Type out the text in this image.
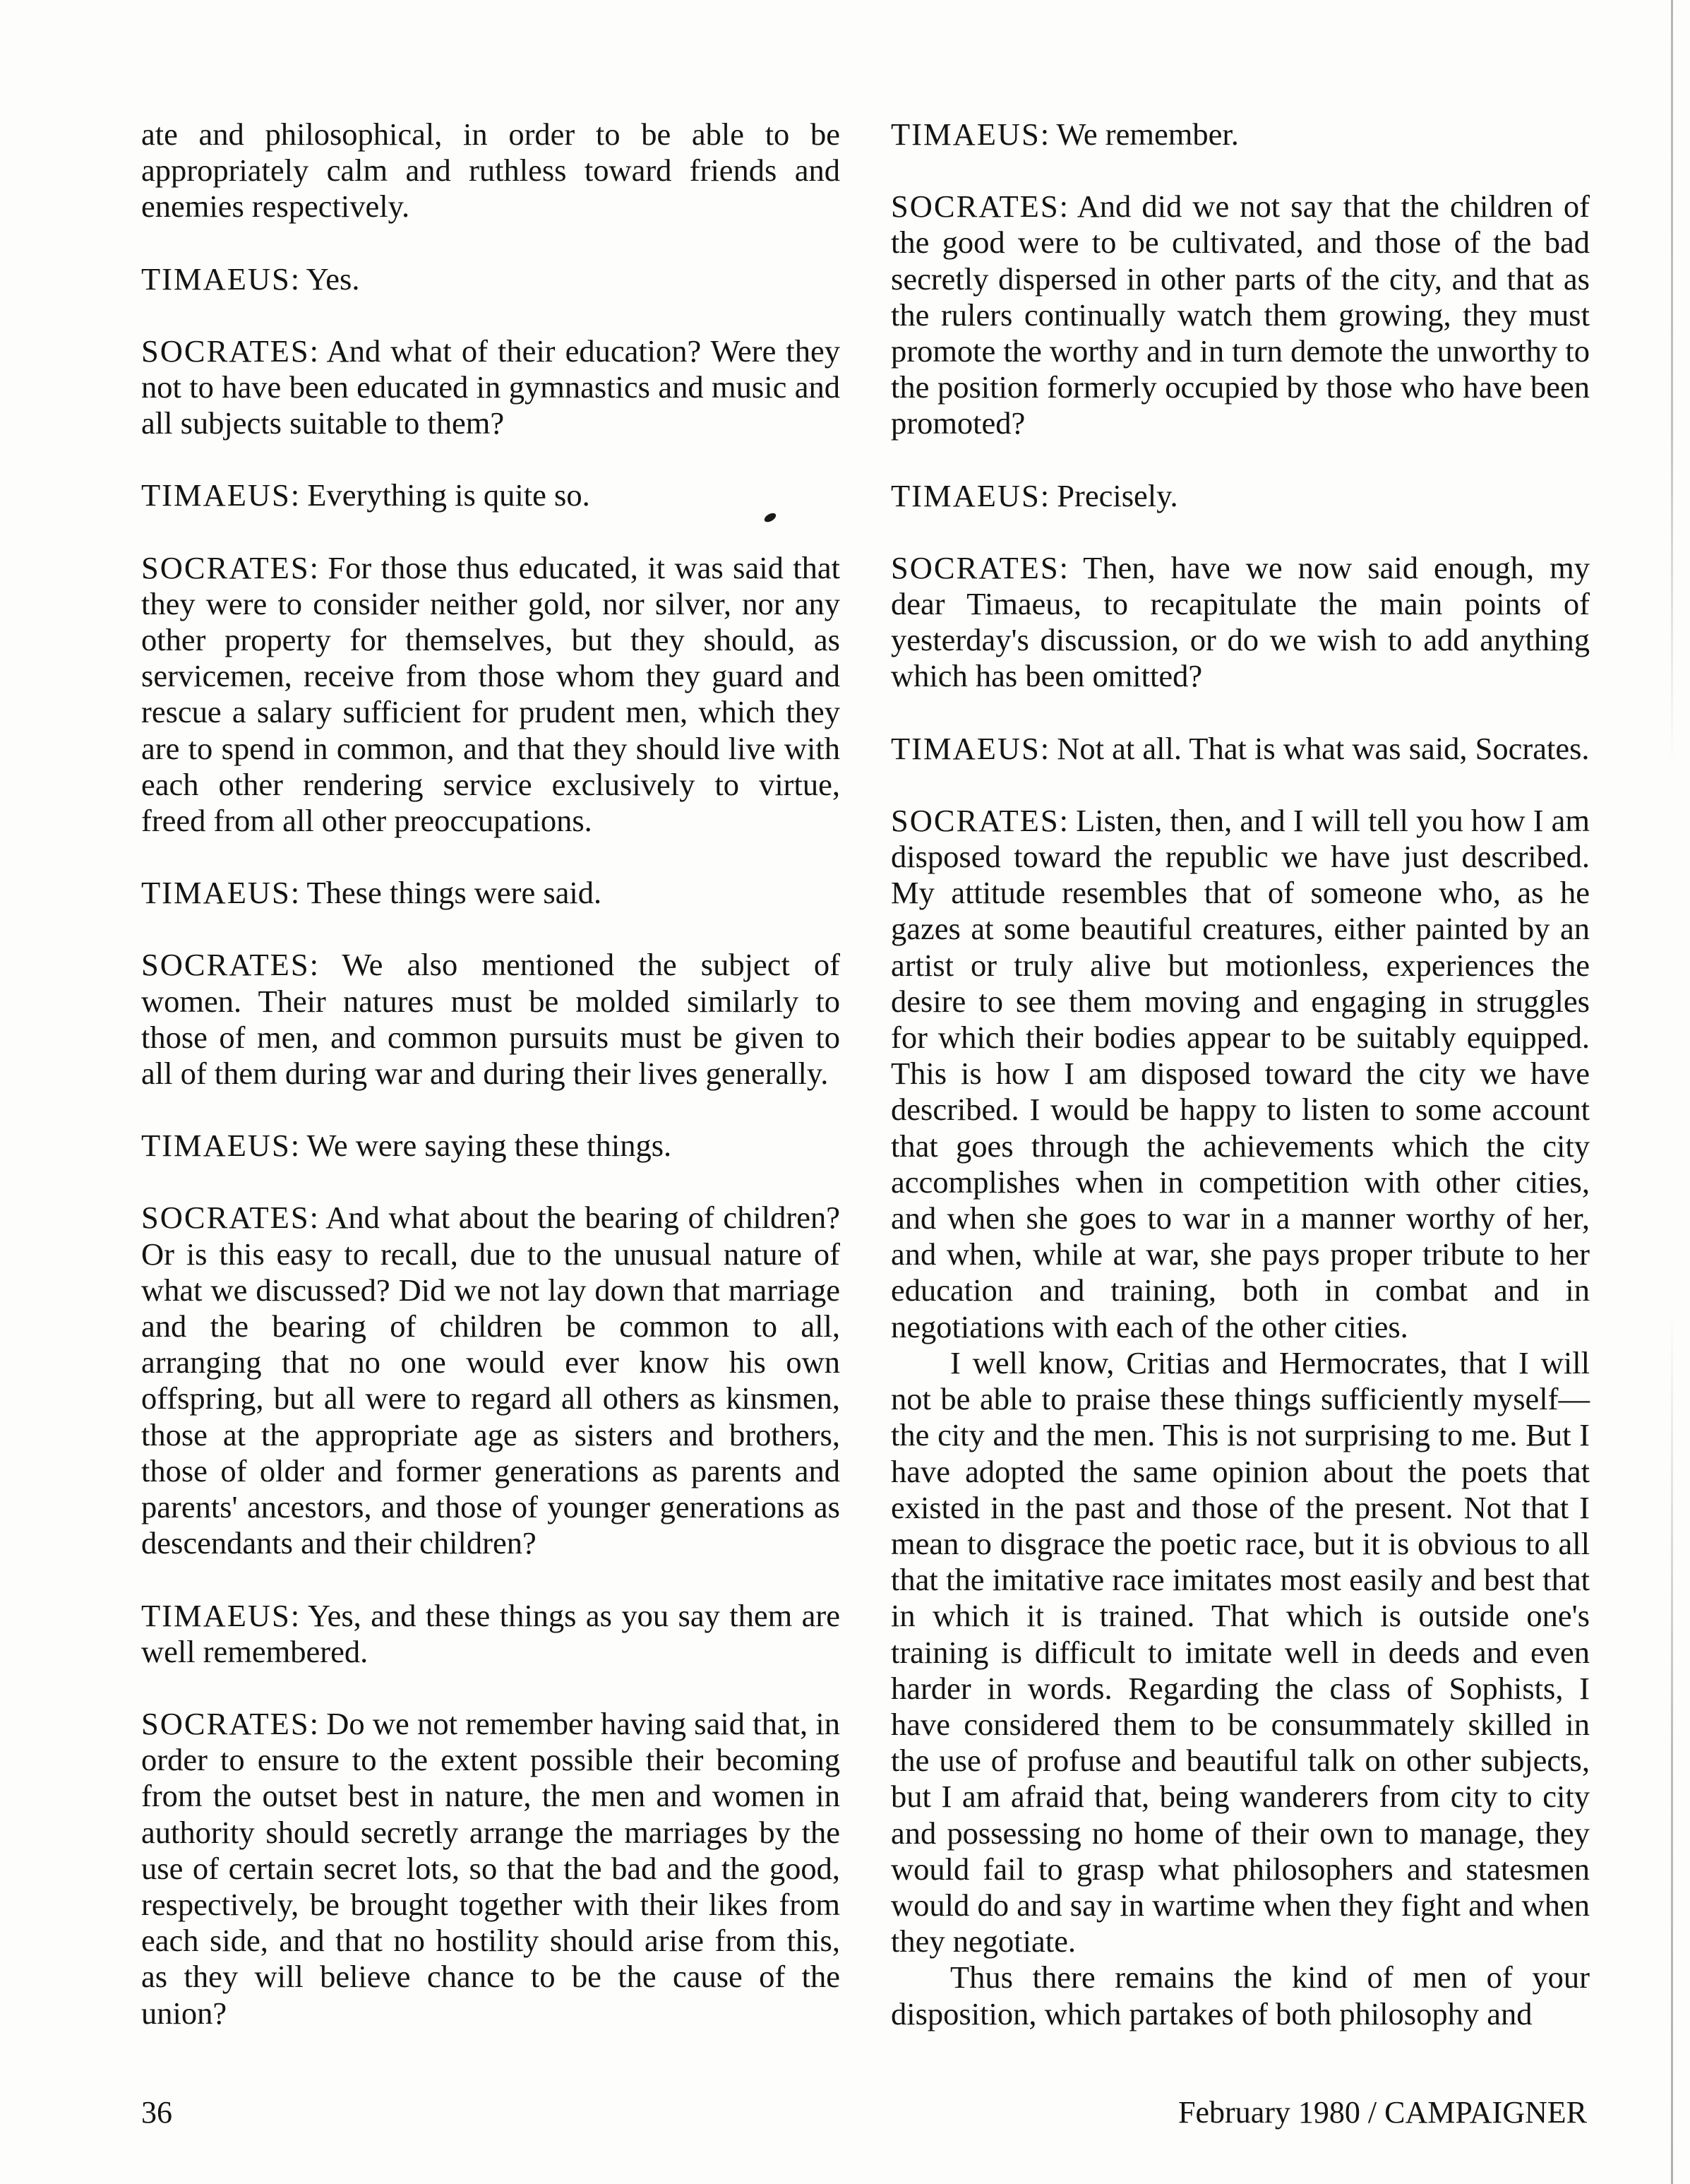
ate and philosophical, in order to be able to be appropriately calm and ruthless toward friends and enemies respectively.

TIMAEUS: Yes.

SOCRATES: And what of their education? Were they not to have been educated in gymnastics and music and all subjects suitable to them?

TIMAEUS: Everything is quite so.

SOCRATES: For those thus educated, it was said that they were to consider neither gold, nor silver, nor any other property for themselves, but they should, as servicemen, receive from those whom they guard and rescue a salary sufficient for prudent men, which they are to spend in common, and that they should live with each other rendering service exclusively to virtue, freed from all other preoccupations.

TIMAEUS: These things were said.

SOCRATES: We also mentioned the subject of women. Their natures must be molded similarly to those of men, and common pursuits must be given to all of them during war and during their lives generally.

TIMAEUS: We were saying these things.

SOCRATES: And what about the bearing of children? Or is this easy to recall, due to the unusual nature of what we discussed? Did we not lay down that marriage and the bearing of children be common to all, arranging that no one would ever know his own offspring, but all were to regard all others as kinsmen, those at the appropriate age as sisters and brothers, those of older and former generations as parents and parents' ancestors, and those of younger generations as descendants and their children?

TIMAEUS: Yes, and these things as you say them are well remembered.

SOCRATES: Do we not remember having said that, in order to ensure to the extent possible their becoming from the outset best in nature, the men and women in authority should secretly arrange the marriages by the use of certain secret lots, so that the bad and the good, respectively, be brought together with their likes from each side, and that no hostility should arise from this, as they will believe chance to be the cause of the union?

TIMAEUS: We remember.

SOCRATES: And did we not say that the children of the good were to be cultivated, and those of the bad secretly dispersed in other parts of the city, and that as the rulers continually watch them growing, they must promote the worthy and in turn demote the unworthy to the position formerly occupied by those who have been promoted?

TIMAEUS: Precisely.

SOCRATES: Then, have we now said enough, my dear Timaeus, to recapitulate the main points of yesterday's discussion, or do we wish to add anything which has been omitted?

TIMAEUS: Not at all. That is what was said, Socrates.

SOCRATES: Listen, then, and I will tell you how I am disposed toward the republic we have just described. My attitude resembles that of someone who, as he gazes at some beautiful creatures, either painted by an artist or truly alive but motionless, experiences the desire to see them moving and engaging in struggles for which their bodies appear to be suitably equipped. This is how I am disposed toward the city we have described. I would be happy to listen to some account that goes through the achievements which the city accomplishes when in competition with other cities, and when she goes to war in a manner worthy of her, and when, while at war, she pays proper tribute to her education and training, both in combat and in negotiations with each of the other cities.

I well know, Critias and Hermocrates, that I will not be able to praise these things sufficiently myself— the city and the men. This is not surprising to me. But I have adopted the same opinion about the poets that existed in the past and those of the present. Not that I mean to disgrace the poetic race, but it is obvious to all that the imitative race imitates most easily and best that in which it is trained. That which is outside one's training is difficult to imitate well in deeds and even harder in words. Regarding the class of Sophists, I have considered them to be consummately skilled in the use of profuse and beautiful talk on other subjects, but I am afraid that, being wanderers from city to city and possessing no home of their own to manage, they would fail to grasp what philosophers and statesmen would do and say in wartime when they fight and when they negotiate.

Thus there remains the kind of men of your disposition, which partakes of both philosophy and

36	February 1980 / CAMPAIGNER
